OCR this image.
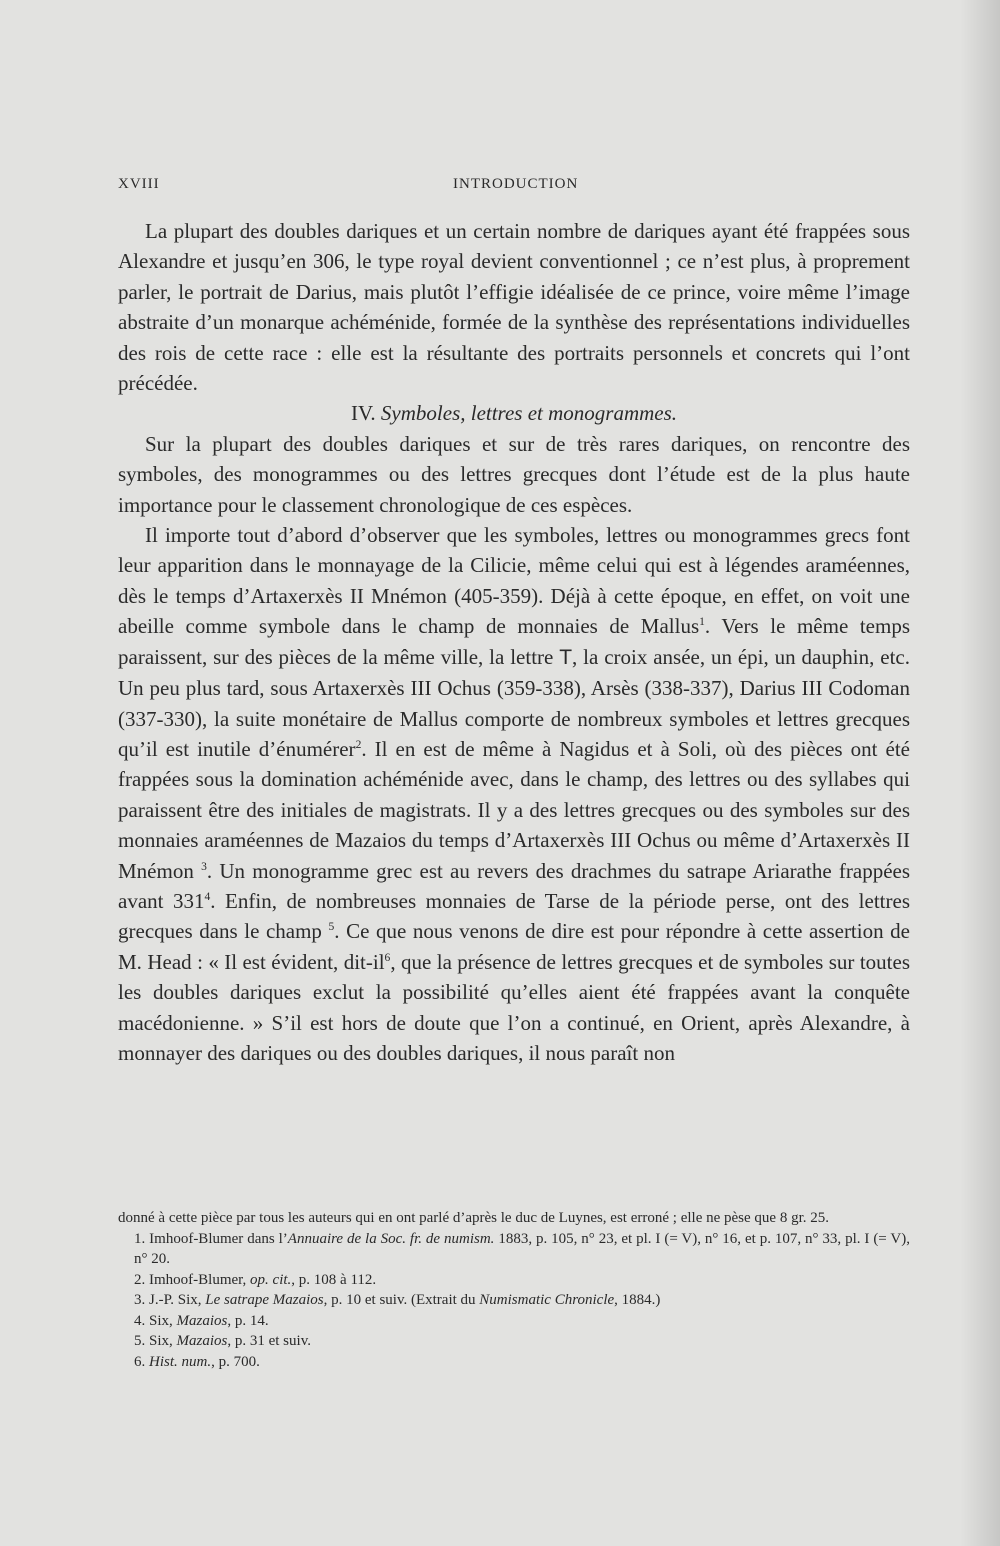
XVIII	INTRODUCTION

La plupart des doubles dariques et un certain nombre de dariques ayant été frappées sous Alexandre et jusqu’en 306, le type royal devient conventionnel ; ce n’est plus, à proprement parler, le portrait de Darius, mais plutôt l’effigie idéalisée de ce prince, voire même l’image abstraite d’un monarque achéménide, formée de la synthèse des représentations individuelles des rois de cette race : elle est la résultante des portraits personnels et concrets qui l’ont précédée.

IV. Symboles, lettres et monogrammes.

Sur la plupart des doubles dariques et sur de très rares dariques, on rencontre des symboles, des monogrammes ou des lettres grecques dont l’étude est de la plus haute importance pour le classement chronologique de ces espèces.

Il importe tout d’abord d’observer que les symboles, lettres ou monogrammes grecs font leur apparition dans le monnayage de la Cilicie, même celui qui est à légendes araméennes, dès le temps d’Artaxerxès II Mnémon (405-359). Déjà à cette époque, en effet, on voit une abeille comme symbole dans le champ de monnaies de Mallus$^1$. Vers le même temps paraissent, sur des pièces de la même ville, la lettre T, la croix ansée, un épi, un dauphin, etc. Un peu plus tard, sous Artaxerxès III Ochus (359-338), Arsès (338-337), Darius III Codoman (337-330), la suite monétaire de Mallus comporte de nombreux symboles et lettres grecques qu’il est inutile d’énumérer$^2$. Il en est de même à Nagidus et à Soli, où des pièces ont été frappées sous la domination achéménide avec, dans le champ, des lettres ou des syllabes qui paraissent être des initiales de magistrats. Il y a des lettres grecques ou des symboles sur des monnaies araméennes de Mazaios du temps d’Artaxerxès III Ochus ou même d’Artaxerxès II Mnémon $^3$. Un monogramme grec est au revers des drachmes du satrape Ariarathe frappées avant $331^4$. Enfin, de nombreuses monnaies de Tarse de la période perse, ont des lettres grecques dans le champ $^5$. Ce que nous venons de dire est pour répondre à cette assertion de M. Head : « Il est évident, dit-$il^6$, que la présence de lettres grecques et de symboles sur toutes les doubles dariques exclut la possibilité qu’elles aient été frappées avant la conquête macédonienne. » S’il est hors de doute que l’on a continué, en Orient, après Alexandre, à monnayer des dariques ou des doubles dariques, il nous paraît non

donné à cette pièce par tous les auteurs qui en ont parlé d’après le duc de Luynes, est erroné ; elle ne pèse que 8 gr. 25.

1. Imhoof-Blumer dans l’Annuaire de la Soc. fr. de numism. 1883, p. 105, n° 23, et pl. I (= V), n° 16, et p. 107, n° 33, pl. I (= V), n° 20.

2. Imhoof-Blumer, op. cit., p. 108 à 112.

3. J.-P. Six, Le satrape Mazaios, p. 10 et suiv. (Extrait du Numismatic Chronicle, 1884.)

4. Six, Mazaios, p. 14.

5. Six, Mazaios, p. 31 et suiv.

6. Hist. num., p. 700.
